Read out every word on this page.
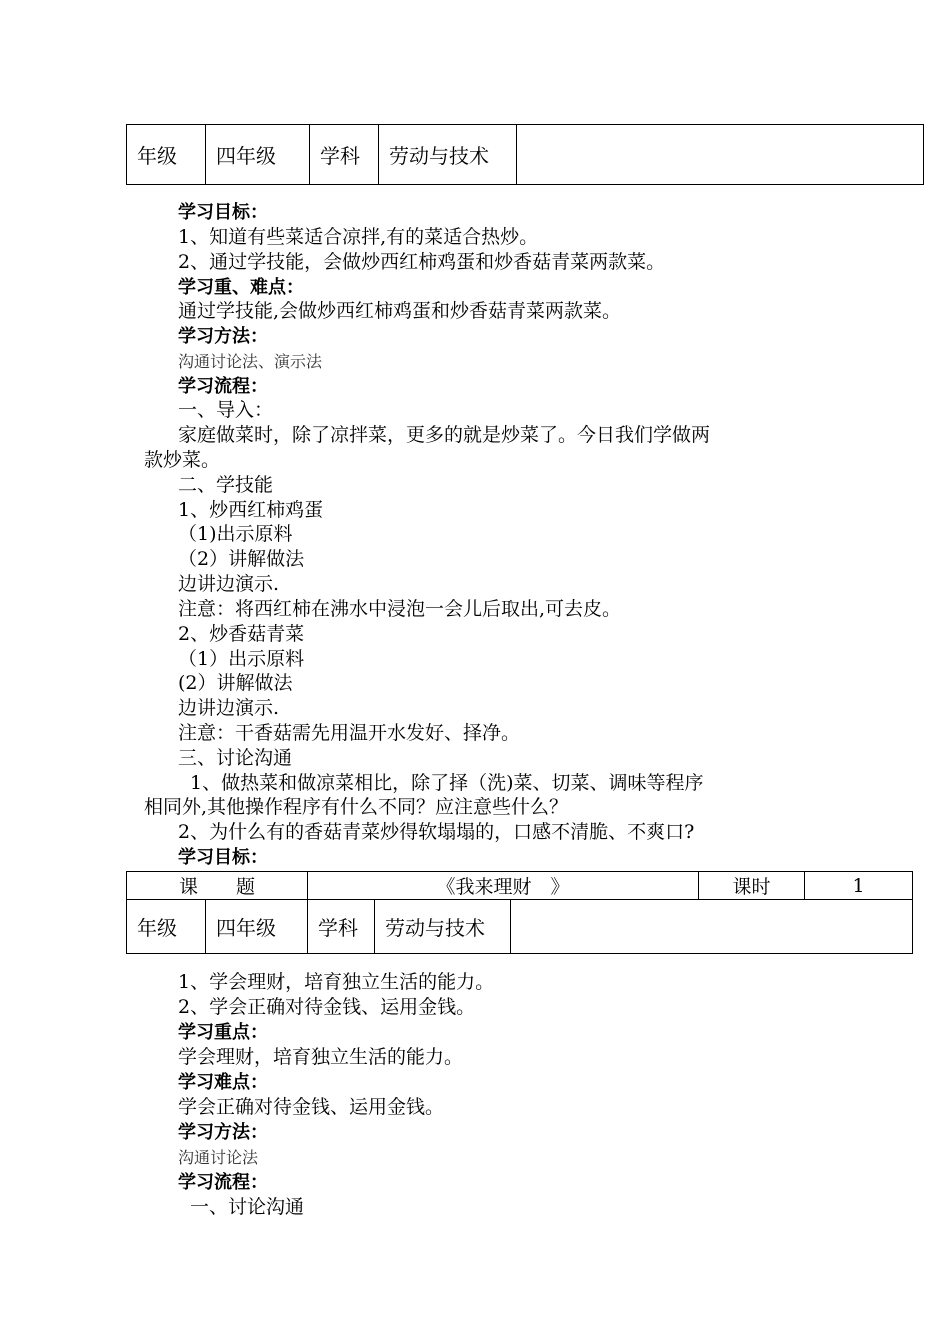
年级	四年级	学科	劳动与技术	
学习目标：
1、知道有些菜适合凉拌,有的菜适合热炒。
2、通过学技能，会做炒西红柿鸡蛋和炒香菇青菜两款菜。
学习重、难点：
通过学技能,会做炒西红柿鸡蛋和炒香菇青菜两款菜。
学习方法：
沟通讨论法、演示法
学习流程：
一、导入：
家庭做菜时，除了凉拌菜，更多的就是炒菜了。今日我们学做两
款炒菜。
二、学技能
1、炒西红柿鸡蛋
（1)出示原料
（2）讲解做法
边讲边演示.
注意：将西红柿在沸水中浸泡一会儿后取出,可去皮。
2、炒香菇青菜
（1）出示原料
(2）讲解做法
边讲边演示.
注意：干香菇需先用温开水发好、择净。
三、讨论沟通
1、做热菜和做凉菜相比，除了择（洗)菜、切菜、调味等程序
相同外,其他操作程序有什么不同？应注意些什么？
2、为什么有的香菇青菜炒得软塌塌的，口感不清脆、不爽口?
学习目标：
课　　题		《我来理财　》			课时	1
年级	四年级	学科	劳动与技术			
1、学会理财，培育独立生活的能力。
2、学会正确对待金钱、运用金钱。
学习重点：
学会理财，培育独立生活的能力。
学习难点：
学会正确对待金钱、运用金钱。
学习方法：
沟通讨论法
学习流程：
一、讨论沟通
